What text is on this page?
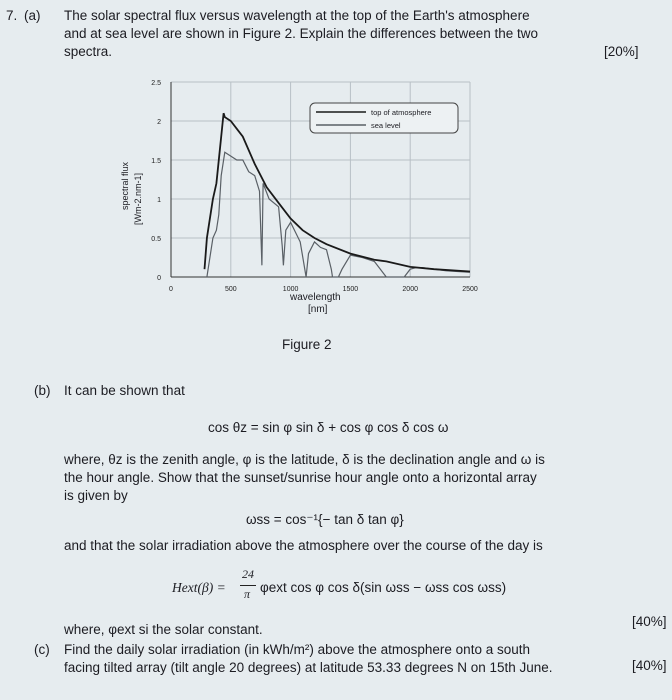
7. (a) The solar spectral flux versus wavelength at the top of the Earth's atmosphere
and at sea level are shown in Figure 2. Explain the differences between the two
spectra.	[20%]
0	500	1000	1500	2000	2500
0
0.5
1
1.5
2
2.5
spectral flux [Wm-2.nm-1]
wavelength
[nm]
top of atmosphere
sea level
Figure 2
(b) It can be shown that
cos θz = sin φ sin δ + cos φ cos δ cos ω
where, θz is the zenith angle, φ is the latitude, δ is the declination angle and ω is
the hour angle. Show that the sunset/sunrise hour angle onto a horizontal array
is given by
ωss = cos⁻¹{− tan δ tan φ}
and that the solar irradiation above the atmosphere over the course of the day is
Hext(β) =
24
π φext cos φ cos δ(sin ωss − ωss cos ωss)
where, φext si the solar constant.
[40%]
(c) Find the daily solar irradiation (in kWh/m²) above the atmosphere onto a south
facing tilted array (tilt angle 20 degrees) at latitude 53.33 degrees N on 15th June.	[40%]
